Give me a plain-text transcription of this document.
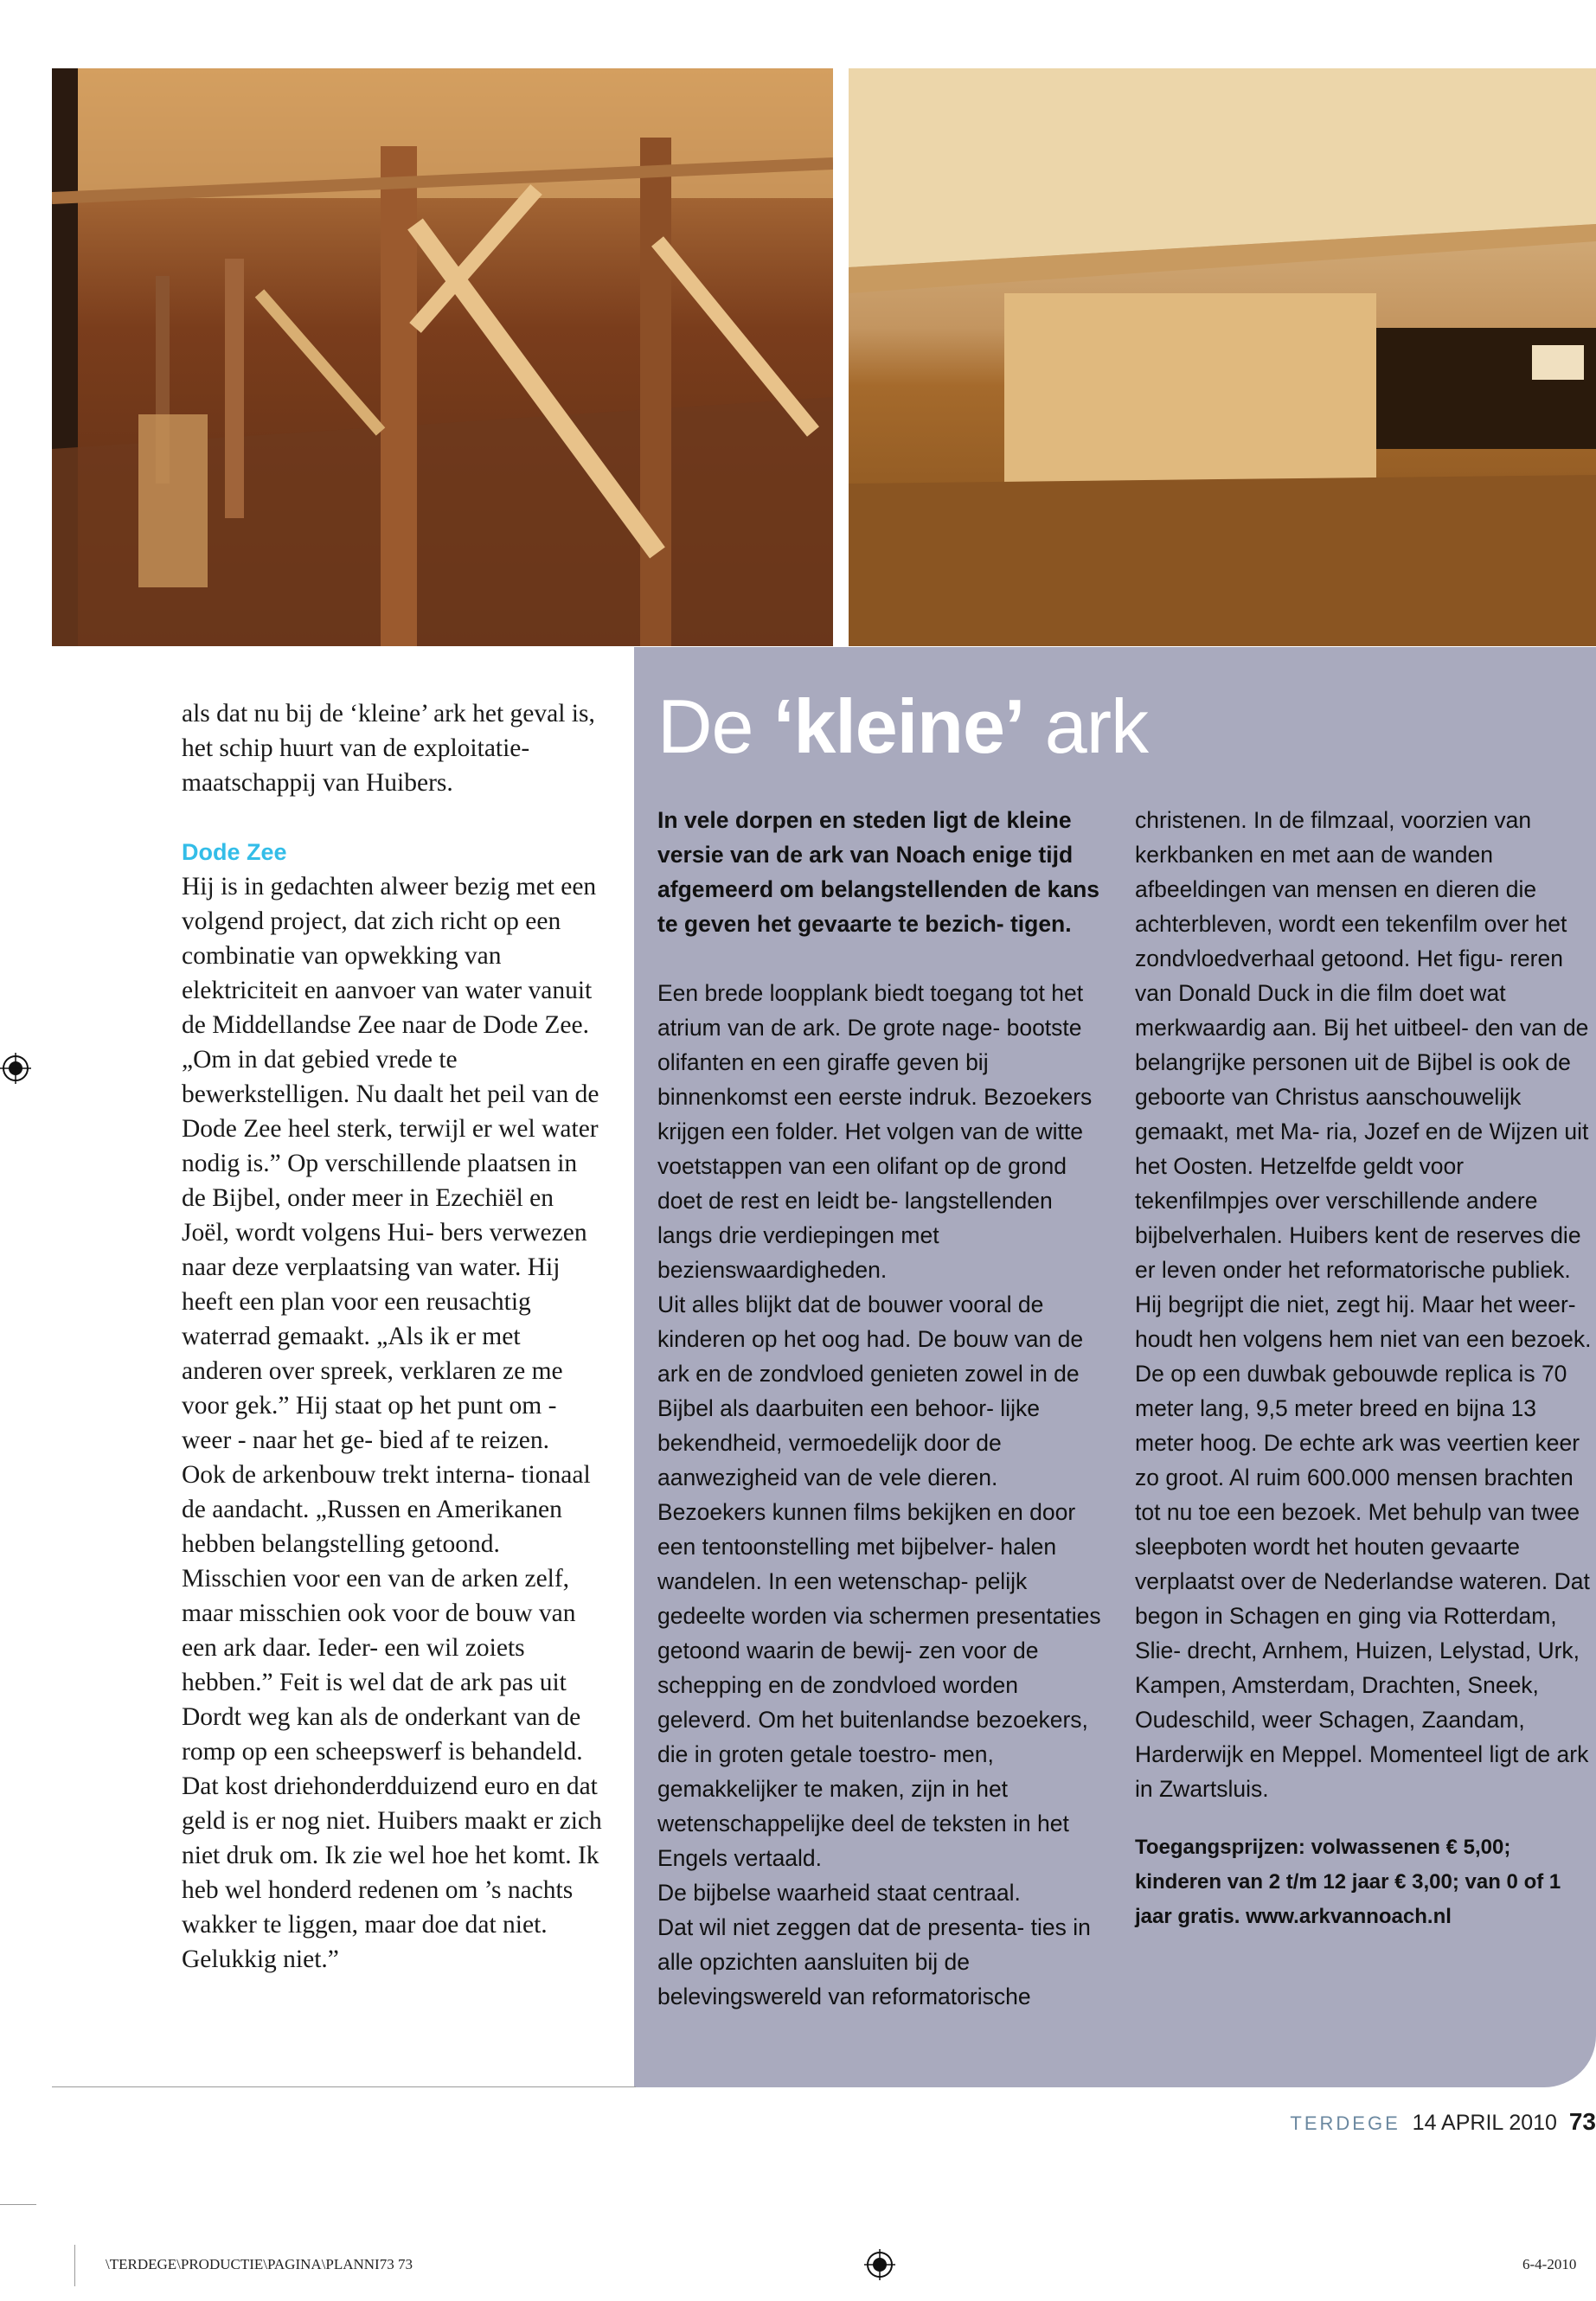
als dat nu bij de ‘kleine’ ark het geval is, het schip huurt van de exploitatie- maatschappij van Huibers.

Dode Zee

Hij is in gedachten alweer bezig met een volgend project, dat zich richt op een combinatie van opwekking van elektriciteit en aanvoer van water vanuit de Middellandse Zee naar de Dode Zee. „Om in dat gebied vrede te bewerkstelligen. Nu daalt het peil van de Dode Zee heel sterk, terwijl er wel water nodig is.” Op verschillende plaatsen in de Bijbel, onder meer in Ezechiël en Joël, wordt volgens Hui- bers verwezen naar deze verplaatsing van water. Hij heeft een plan voor een reusachtig waterrad gemaakt. „Als ik er met anderen over spreek, verklaren ze me voor gek.” Hij staat op het punt om - weer - naar het ge- bied af te reizen.

Ook de arkenbouw trekt interna- tionaal de aandacht. „Russen en Amerikanen hebben belangstelling getoond. Misschien voor een van de arken zelf, maar misschien ook voor de bouw van een ark daar. Ieder- een wil zoiets hebben.” Feit is wel dat de ark pas uit Dordt weg kan als de onderkant van de romp op een scheepswerf is behandeld. Dat kost driehonderdduizend euro en dat geld is er nog niet. Huibers maakt er zich niet druk om. Ik zie wel hoe het komt. Ik heb wel honderd redenen om ’s nachts wakker te liggen, maar doe dat niet. Gelukkig niet.”

De ‘kleine’ ark

In vele dorpen en steden ligt de kleine versie van de ark van Noach enige tijd afgemeerd om belangstellenden de kans te geven het gevaarte te bezich- tigen.

Een brede loopplank biedt toegang tot het atrium van de ark. De grote nage- bootste olifanten en een giraffe geven bij binnenkomst een eerste indruk. Bezoekers krijgen een folder. Het volgen van de witte voetstappen van een olifant op de grond doet de rest en leidt be- langstellenden langs drie verdiepingen met bezienswaardigheden.

Uit alles blijkt dat de bouwer vooral de kinderen op het oog had. De bouw van de ark en de zondvloed genieten zowel in de Bijbel als daarbuiten een behoor- lijke bekendheid, vermoedelijk door de aanwezigheid van de vele dieren.

Bezoekers kunnen films bekijken en door een tentoonstelling met bijbelver- halen wandelen. In een wetenschap- pelijk gedeelte worden via schermen presentaties getoond waarin de bewij- zen voor de schepping en de zondvloed worden geleverd. Om het buitenlandse bezoekers, die in groten getale toestro- men, gemakkelijker te maken, zijn in het wetenschappelijke deel de teksten in het Engels vertaald.

De bijbelse waarheid staat centraal.

Dat wil niet zeggen dat de presenta- ties in alle opzichten aansluiten bij de belevingswereld van reformatorische

christenen. In de filmzaal, voorzien van kerkbanken en met aan de wanden afbeeldingen van mensen en dieren die achterbleven, wordt een tekenfilm over het zondvloedverhaal getoond. Het figu- reren van Donald Duck in die film doet wat merkwaardig aan. Bij het uitbeel- den van de belangrijke personen uit de Bijbel is ook de geboorte van Christus aanschouwelijk gemaakt, met Ma- ria, Jozef en de Wijzen uit het Oosten. Hetzelfde geldt voor tekenfilmpjes over verschillende andere bijbelverhalen. Huibers kent de reserves die er leven onder het reformatorische publiek. Hij begrijpt die niet, zegt hij. Maar het weer- houdt hen volgens hem niet van een bezoek.

De op een duwbak gebouwde replica is 70 meter lang, 9,5 meter breed en bijna 13 meter hoog. De echte ark was veertien keer zo groot. Al ruim 600.000 mensen brachten tot nu toe een bezoek. Met behulp van twee sleepboten wordt het houten gevaarte verplaatst over de Nederlandse wateren. Dat begon in Schagen en ging via Rotterdam, Slie- drecht, Arnhem, Huizen, Lelystad, Urk, Kampen, Amsterdam, Drachten, Sneek, Oudeschild, weer Schagen, Zaandam, Harderwijk en Meppel. Momenteel ligt de ark in Zwartsluis.

Toegangsprijzen: volwassenen € 5,00; kinderen van 2 t/m 12 jaar € 3,00; van 0 of 1 jaar gratis. www.arkvannoach.nl

TERDEGE 14 APRIL 2010 73
\TERDEGE\PRODUCTIE\PAGINA\PLANNI73 73	6-4-2010
